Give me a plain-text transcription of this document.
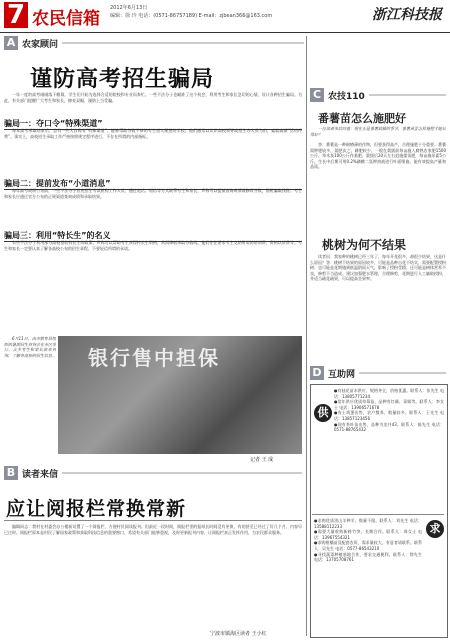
7 农民信箱
2012年6月13日
编辑：徐 玲 电话：(0571-86757189) E-mail：zjbean366@163.com	浙江科技报
A 农家顾问
谨防高考招生骗局

一年一度的高考刚刚落下帷幕，学生们开始为选择合适的院校和专业而奔忙。一些不法分子也瞄准了这个机会，利用考生和家长急切的心情，设计各种招生骗局。为此，有关部门提醒广大考生和家长，擦亮双眼，谨防上当受骗。

骗局一：夺口令“特殊渠道”

每年高考录取结束后，总有一些人自称有“特殊渠道”，能够帮助分数不够的考生进入理想的学校。他们通常以认识高校领导或招生办人员为由，索取高额“活动经费”。事实上，高校招生录取工作严格按照规定程序进行，不存在所谓的内部指标。

骗局二：提前发布“小道消息”

每年高考成绩公布前，一些不法分子冒充招生考试机构工作人员，通过电话、短信等方式联系考生和家长，声称可以提前查询成绩或修改分数，借机骗取钱财。考生和家长应通过官方公布的正规渠道查询成绩和录取结果。

骗局三：利用“特长生”的名义

有些不法分子利用部分高校招收特长生的政策，声称可以帮助考生获得特长生资格，从而降低录取分数线。他们往往要求考生交纳所谓的培训费、资格认证费等。考生和家长一定要认真了解各高校公布的招生章程，不要轻信所谓的承诺。

6月11日，由市教育局组织的暑期招生咨询会在市区举行，众多考生和家长前来咨询，了解各高校的招生信息。 银行售中担保
记者 王 成
B 读者来信
应让阅报栏常换常新

编辑同志：我村在村委会办公楼前设置了一个阅报栏，方便村民阅读报刊。但最近一段时间，阅报栏里的报纸长时间没有更换，有的甚至已经过了好几个月，内容早已过时。阅报栏原本是村民了解国家政策和获取科技信息的重要窗口，希望有关部门能够重视，及时更新报刊内容，让阅报栏真正发挥作用，为农民群众服务。

宁波市镇海区读者 王小红
C 农技110
番薯苗怎么施肥好

一位读者来信问道：现在正是番薯栽插的季节，番薯苗要怎样施肥才能长得好？

答：番薯是一种耐瘠薄的作物，但要获得高产，合理施肥十分重要。番薯需钾肥较多，氮肥次之，磷肥较少。一般在栽插前每亩施入腐熟农家肥1500公斤、草木灰100公斤作基肥。栽插后20天左右追施提苗肥，每亩施尿素5公斤。生长中后期可用0.2%磷酸二氢钾溶液进行叶面喷施，能有效提高产量和品质。

桃树为何不结果

读者问：我家种的桃树已经三年了，每年开花很多，却很少结果，这是什么原因？答：桃树不结果的原因较多，可能是品种自花不结实，需要配置授粉树；也可能是花期遇到低温阴雨天气，影响了授粉受精；还可能是树体营养不良，修剪不当造成。建议加强肥水管理，合理修剪，花期进行人工辅助授粉，并适当疏花疏果，可以提高坐果率。

D 互助网
供
●有桂花苗木供应，规格齐全，价格优惠。联系人：张先生 电话：13805771234
●常年供应优质草莓苗，品种有红颜、章姬等。联系人：李女士 电话：13906571678
●有土鸡蛋出售，农户散养，数量较多。联系人：王先生 电话：13857123456
●现有茶叶苗出售，品种为龙井43。联系人：陈先生 电话：0571-88765432
求
●求购优质黑山羊种羊，数量不限。联系人：刘先生 电话：13588112233
●需要大量收购新鲜竹笋，长期合作。联系人：周女士 电话：13967554321
●求购柑橘苗及配套农资，需求量较大，有意者请联系。联系人：吴先生 电话：0577-86543210
●寻找蔬菜种植基地合作，要求交通便利。联系人：徐先生 电话：13705708761
